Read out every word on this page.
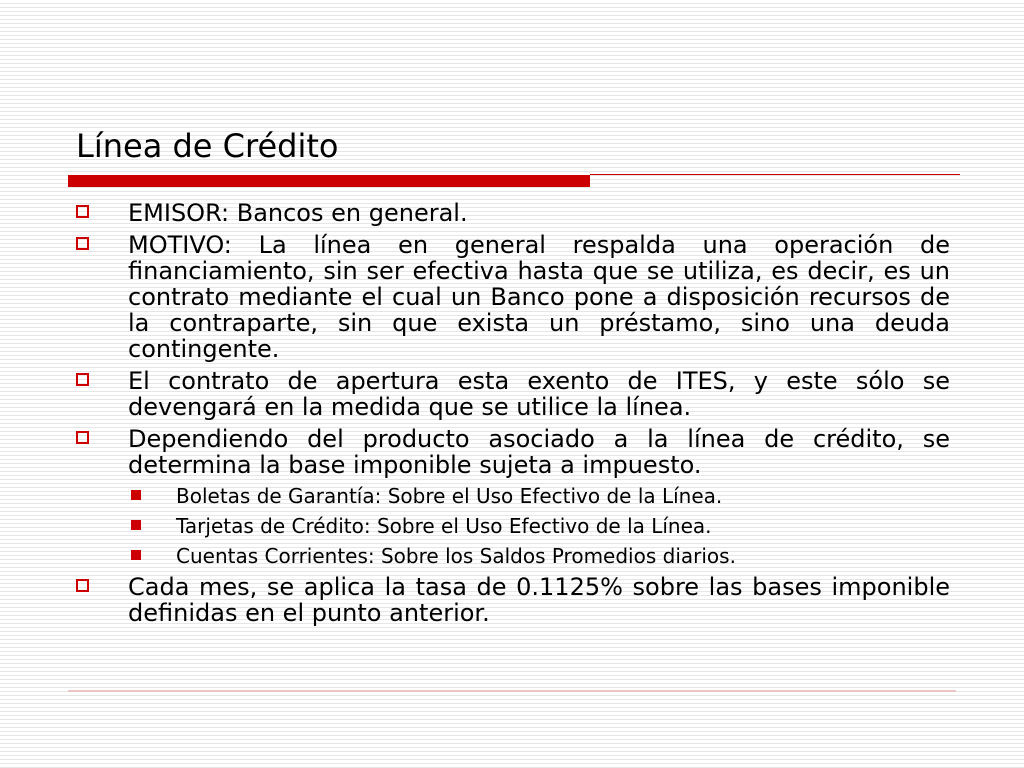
Línea de Crédito
EMISOR: Bancos en general.
MOTIVO: La línea en general respalda una operación de financiamiento, sin ser efectiva hasta que se utiliza, es decir, es un contrato mediante el cual un Banco pone a disposición recursos de la contraparte, sin que exista un préstamo, sino una deuda contingente.
El contrato de apertura esta exento de ITES, y este sólo se devengará en la medida que se utilice la línea.
Dependiendo del producto asociado a la línea de crédito, se determina la base imponible sujeta a impuesto.
Boletas de Garantía: Sobre el Uso Efectivo de la Línea.
Tarjetas de Crédito: Sobre el Uso Efectivo de la Línea.
Cuentas Corrientes: Sobre los Saldos Promedios diarios.
Cada mes, se aplica la tasa de 0.1125% sobre las bases imponible definidas en el punto anterior.
